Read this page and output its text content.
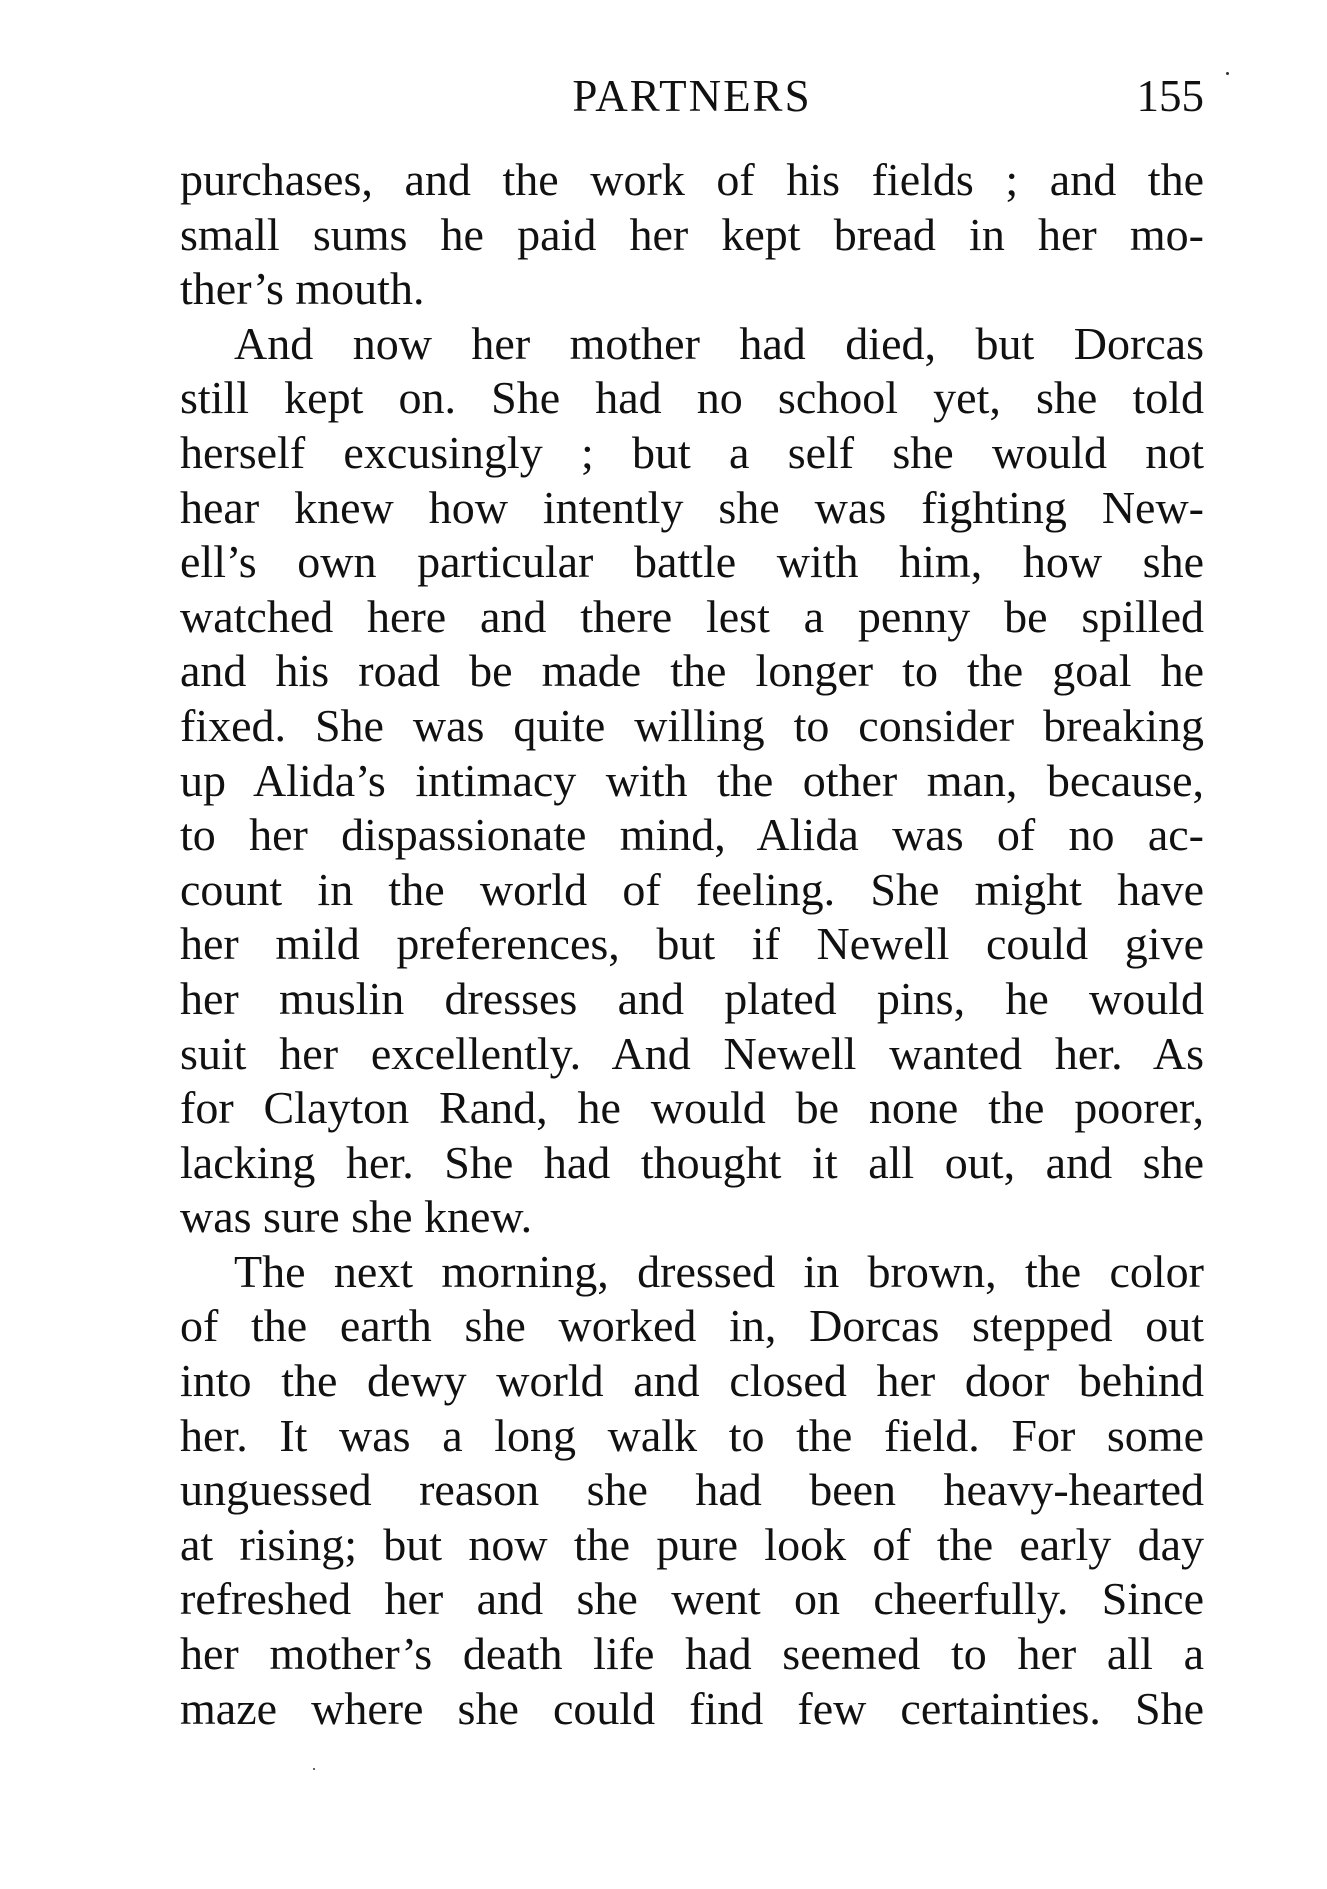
PARTNERS	155
purchases, and the work of his fields ; and the
small sums he paid her kept bread in her mo-
ther’s mouth.
And now her mother had died, but Dorcas
still kept on. She had no school yet, she told
herself excusingly ; but a self she would not
hear knew how intently she was fighting New-
ell’s own particular battle with him, how she
watched here and there lest a penny be spilled
and his road be made the longer to the goal he
fixed. She was quite willing to consider breaking
up Alida’s intimacy with the other man, because,
to her dispassionate mind, Alida was of no ac-
count in the world of feeling. She might have
her mild preferences, but if Newell could give
her muslin dresses and plated pins, he would
suit her excellently. And Newell wanted her. As
for Clayton Rand, he would be none the poorer,
lacking her. She had thought it all out, and she
was sure she knew.
The next morning, dressed in brown, the color
of the earth she worked in, Dorcas stepped out
into the dewy world and closed her door behind
her. It was a long walk to the field. For some
unguessed reason she had been heavy-hearted
at rising; but now the pure look of the early day
refreshed her and she went on cheerfully. Since
her mother’s death life had seemed to her all a
maze where she could find few certainties. She
